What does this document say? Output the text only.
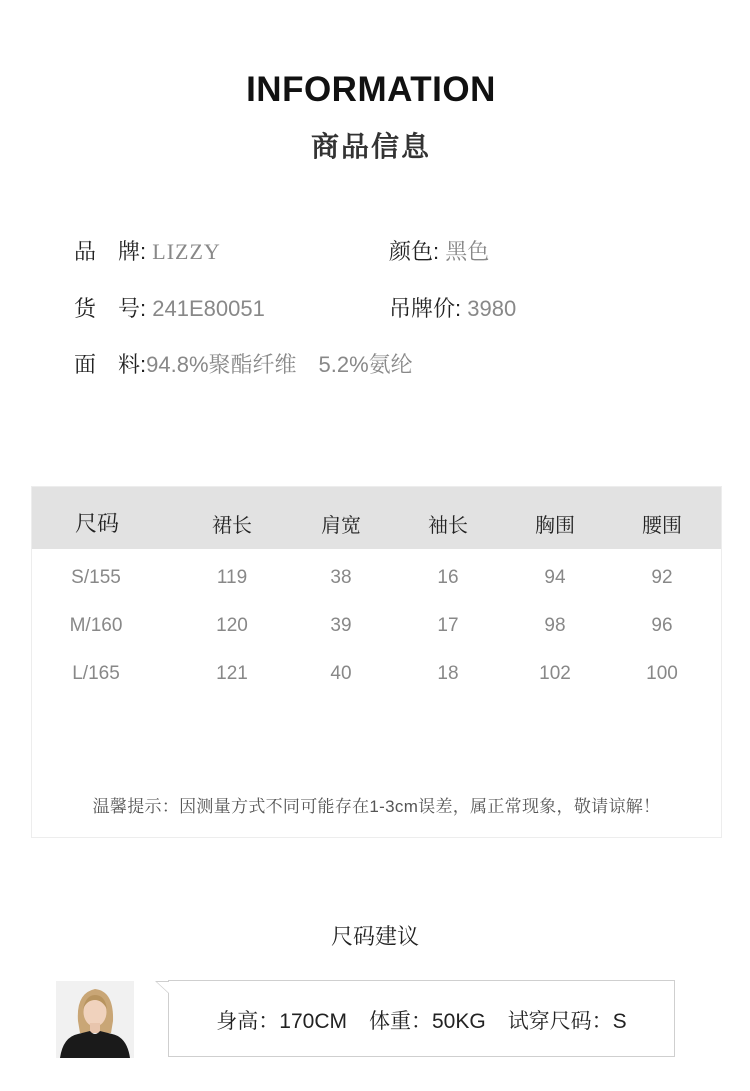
INFORMATION
商品信息
品　牌: LIZZY	颜色: 黑色
货　号: 241E80051	吊牌价: 3980
面　料:94.8%聚酯纤维　5.2%氨纶
尺码	裙长	肩宽	袖长	胸围	腰围
S/155	119	38	16	94	92
M/160	120	39	17	98	96
L/165	121	40	18	102	100
温馨提示：因测量方式不同可能存在1-3cm误差，属正常现象，敬请谅解！
尺码建议
身高：170CM 体重：50KG 试穿尺码：S
